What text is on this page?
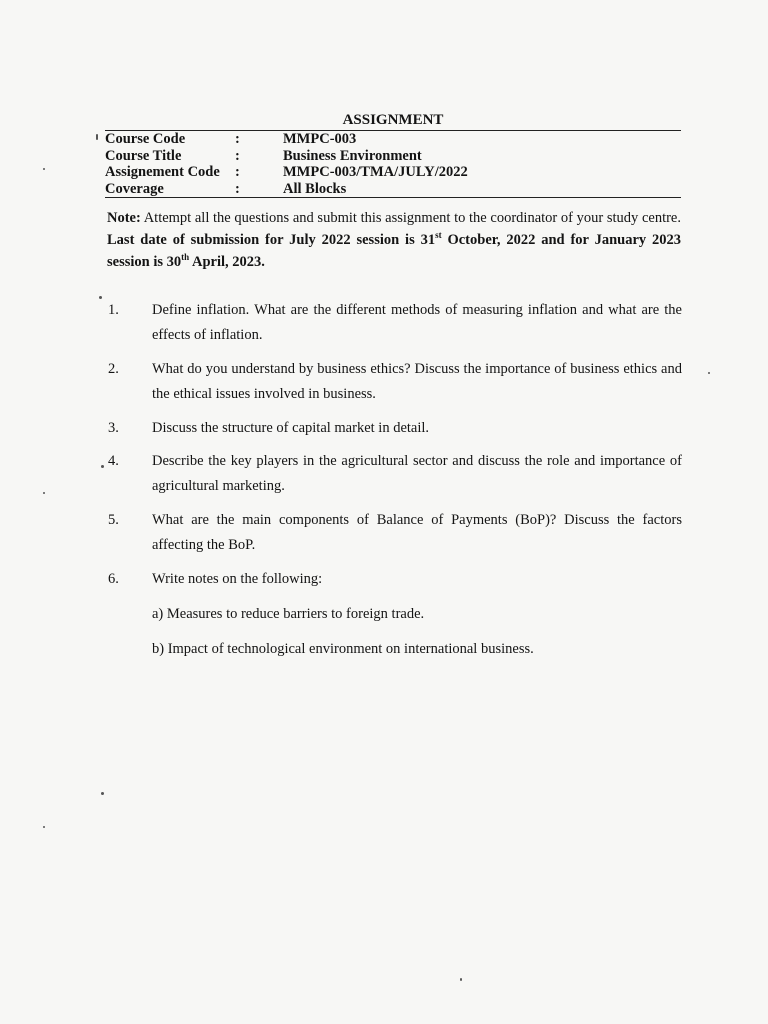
ASSIGNMENT
Course Code	:	MMPC-003
Course Title	:	Business Environment
Assignement Code	:	MMPC-003/TMA/JULY/2022
Coverage	:	All Blocks
Note: Attempt all the questions and submit this assignment to the coordinator of your study centre. Last date of submission for July 2022 session is 31st October, 2022 and for January 2023 session is 30th April, 2023.
1.	Define inflation. What are the different methods of measuring inflation and what are the effects of inflation.
2.	What do you understand by business ethics? Discuss the importance of business ethics and the ethical issues involved in business.
3.	Discuss the structure of capital market in detail.
4.	Describe the key players in the agricultural sector and discuss the role and importance of agricultural marketing.
5.	What are the main components of Balance of Payments (BoP)? Discuss the factors affecting the BoP.
6.	Write notes on the following:
a) Measures to reduce barriers to foreign trade.
b) Impact of technological environment on international business.
